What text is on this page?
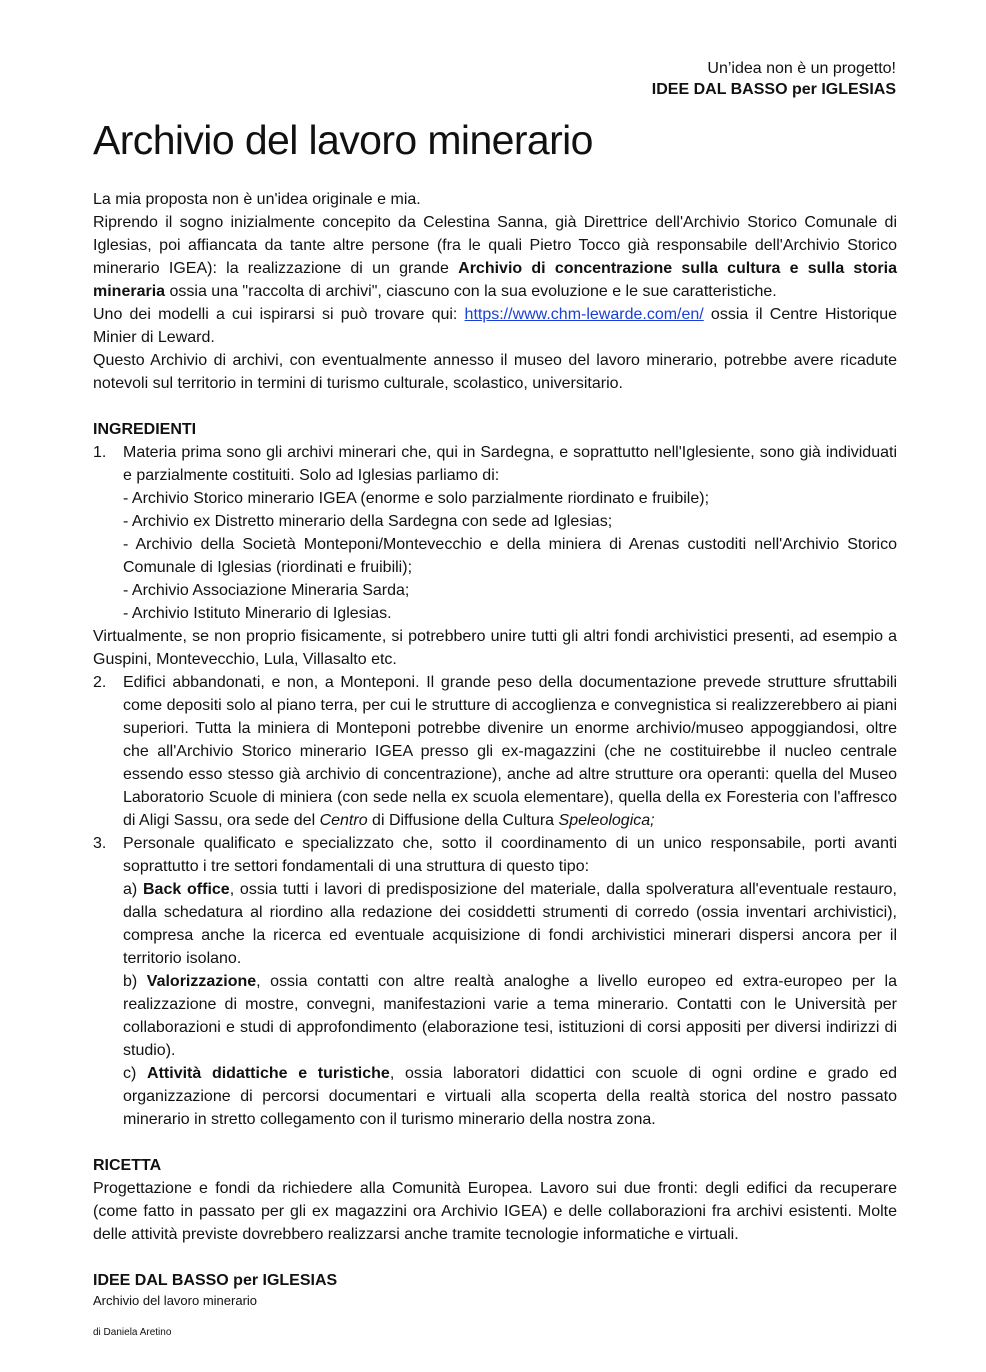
Un’idea non è un progetto!
IDEE DAL BASSO per IGLESIAS
Archivio del lavoro minerario

La mia proposta non è un'idea originale e mia.

Riprendo il sogno inizialmente concepito da Celestina Sanna, già Direttrice dell'Archivio Storico Comunale di Iglesias, poi affiancata da tante altre persone (fra le quali Pietro Tocco già responsabile dell'Archivio Storico minerario IGEA): la realizzazione di un grande Archivio di concentrazione sulla cultura e sulla storia mineraria ossia una "raccolta di archivi", ciascuno con la sua evoluzione e le sue caratteristiche.

Uno dei modelli a cui ispirarsi si può trovare qui: https://www.chm-lewarde.com/en/ ossia il Centre Historique Minier di Leward.

Questo Archivio di archivi, con eventualmente annesso il museo del lavoro minerario, potrebbe avere ricadute notevoli sul territorio in termini di turismo culturale, scolastico, universitario.

INGREDIENTI

1. Materia prima sono gli archivi minerari che, qui in Sardegna, e soprattutto nell'Iglesiente, sono già individuati e parzialmente costituiti. Solo ad Iglesias parliamo di:

- Archivio Storico minerario IGEA (enorme e solo parzialmente riordinato e fruibile);

- Archivio ex Distretto minerario della Sardegna con sede ad Iglesias;

- Archivio della Società Monteponi/Montevecchio e della miniera di Arenas custoditi nell'Archivio Storico Comunale di Iglesias (riordinati e fruibili);

- Archivio Associazione Mineraria Sarda;

- Archivio Istituto Minerario di Iglesias.

Virtualmente, se non proprio fisicamente, si potrebbero unire tutti gli altri fondi archivistici presenti, ad esempio a Guspini, Montevecchio, Lula, Villasalto etc.

2. Edifici abbandonati, e non, a Monteponi. Il grande peso della documentazione prevede strutture sfruttabili come depositi solo al piano terra, per cui le strutture di accoglienza e convegnistica si realizzerebbero ai piani superiori. Tutta la miniera di Monteponi potrebbe divenire un enorme archivio/museo appoggiandosi, oltre che all'Archivio Storico minerario IGEA presso gli ex-magazzini (che ne costituirebbe il nucleo centrale essendo esso stesso già archivio di concentrazione), anche ad altre strutture ora operanti: quella del Museo Laboratorio Scuole di miniera (con sede nella ex scuola elementare), quella della ex Foresteria con l'affresco di Aligi Sassu, ora sede del Centro di Diffusione della Cultura Speleologica;

3. Personale qualificato e specializzato che, sotto il coordinamento di un unico responsabile, porti avanti soprattutto i tre settori fondamentali di una struttura di questo tipo:

a) Back office, ossia tutti i lavori di predisposizione del materiale, dalla spolveratura all'eventuale restauro, dalla schedatura al riordino alla redazione dei cosiddetti strumenti di corredo (ossia inventari archivistici), compresa anche la ricerca ed eventuale acquisizione di fondi archivistici minerari dispersi ancora per il territorio isolano.

b) Valorizzazione, ossia contatti con altre realtà analoghe a livello europeo ed extra-europeo per la realizzazione di mostre, convegni, manifestazioni varie a tema minerario. Contatti con le Università per collaborazioni e studi di approfondimento (elaborazione tesi, istituzioni di corsi appositi per diversi indirizzi di studio).

c) Attività didattiche e turistiche, ossia laboratori didattici con scuole di ogni ordine e grado ed organizzazione di percorsi documentari e virtuali alla scoperta della realtà storica del nostro passato minerario in stretto collegamento con il turismo minerario della nostra zona.

RICETTA

Progettazione e fondi da richiedere alla Comunità Europea. Lavoro sui due fronti: degli edifici da recuperare (come fatto in passato per gli ex magazzini ora Archivio IGEA) e delle collaborazioni fra archivi esistenti. Molte delle attività previste dovrebbero realizzarsi anche tramite tecnologie informatiche e virtuali.

IDEE DAL BASSO per IGLESIAS

Archivio del lavoro minerario

di Daniela Aretino
